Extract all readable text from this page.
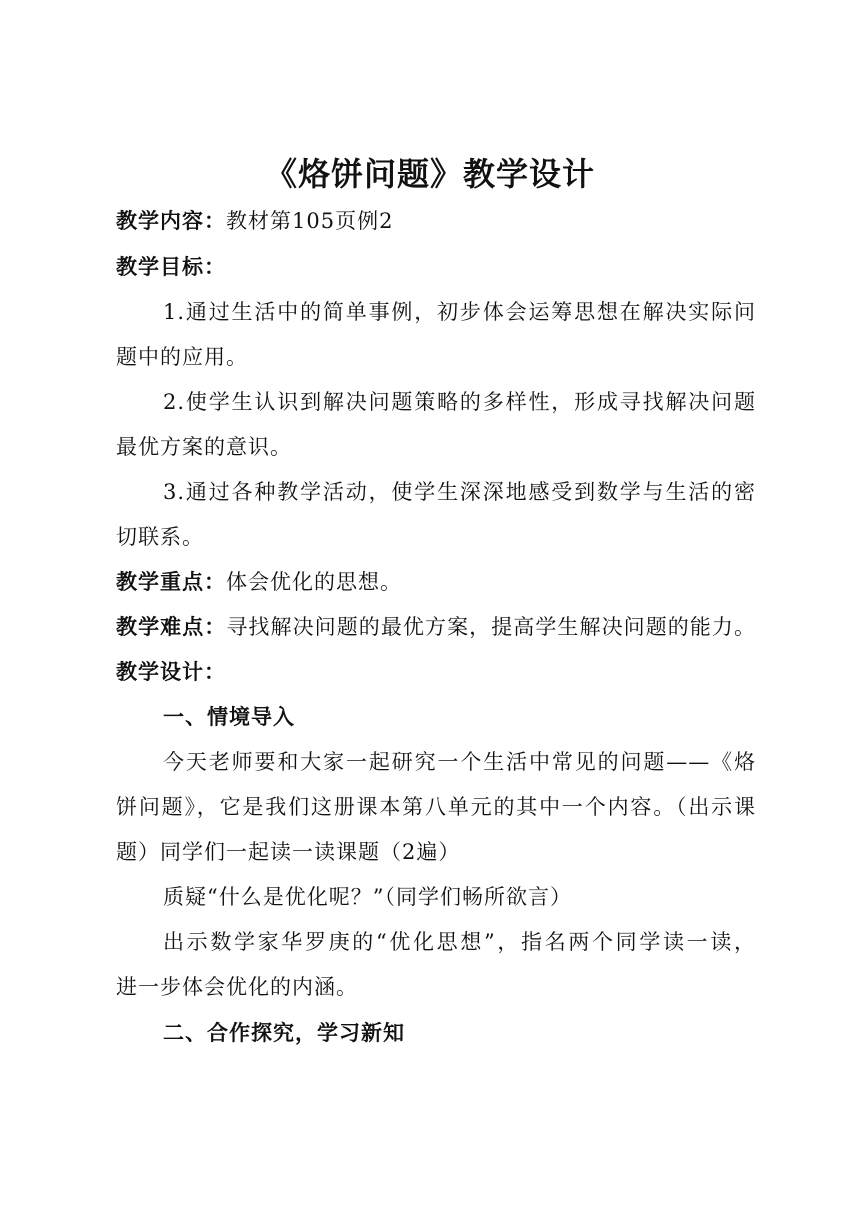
《烙饼问题》教学设计
教学内容：教材第105页例2
教学目标：
1.通过生活中的简单事例，初步体会运筹思想在解决实际问
题中的应用。
2.使学生认识到解决问题策略的多样性，形成寻找解决问题
最优方案的意识。
3.通过各种教学活动，使学生深深地感受到数学与生活的密
切联系。
教学重点：体会优化的思想。
教学难点：寻找解决问题的最优方案，提高学生解决问题的能力。
教学设计：
一、情境导入
今天老师要和大家一起研究一个生活中常见的问题——《烙
饼问题》，它是我们这册课本第八单元的其中一个内容。（出示课
题）同学们一起读一读课题（2遍）
质疑“什么是优化呢？”（同学们畅所欲言）
出示数学家华罗庚的“优化思想”，指名两个同学读一读，
进一步体会优化的内涵。
二、合作探究，学习新知
